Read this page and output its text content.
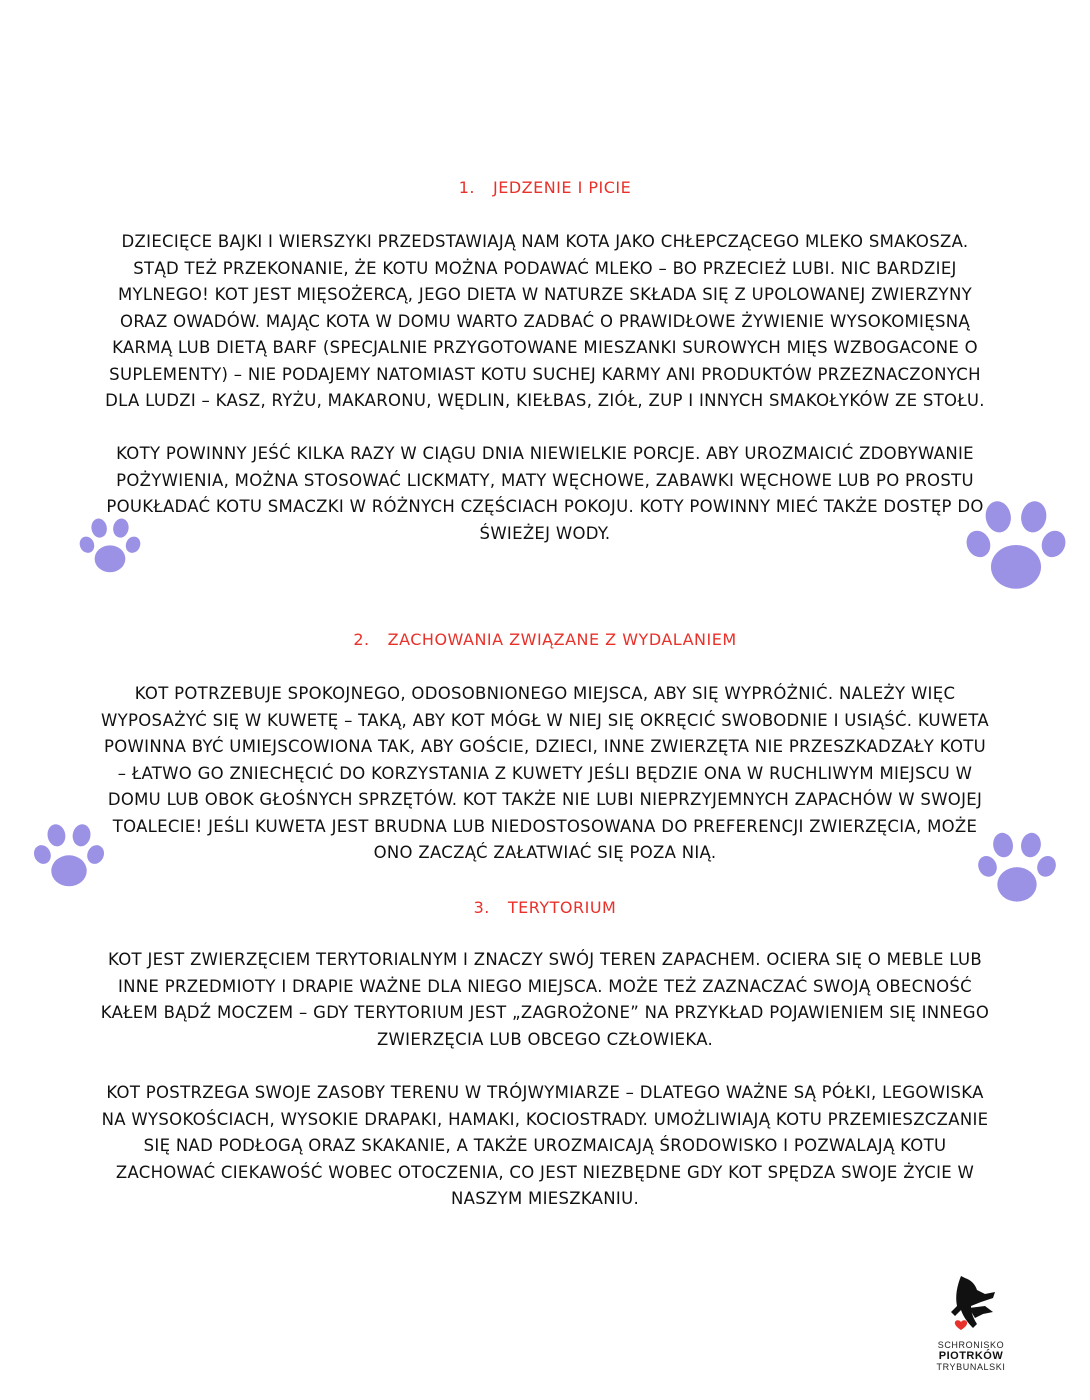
1. JEDZENIE I PICIE

DZIECIĘCE BAJKI I WIERSZYKI PRZEDSTAWIAJĄ NAM KOTA JAKO CHŁEPCZĄCEGO MLEKO SMAKOSZA. STĄD TEŻ PRZEKONANIE, ŻE KOTU MOŻNA PODAWAĆ MLEKO – BO PRZECIEŻ LUBI. NIC BARDZIEJ MYLNEGO! KOT JEST MIĘSOŻERCĄ, JEGO DIETA W NATURZE SKŁADA SIĘ Z UPOLOWANEJ ZWIERZYNY ORAZ OWADÓW. MAJĄC KOTA W DOMU WARTO ZADBAĆ O PRAWIDŁOWE ŻYWIENIE WYSOKOMIĘSNĄ KARMĄ LUB DIETĄ BARF (SPECJALNIE PRZYGOTOWANE MIESZANKI SUROWYCH MIĘS WZBOGACONE O SUPLEMENTY) – NIE PODAJEMY NATOMIAST KOTU SUCHEJ KARMY ANI PRODUKTÓW PRZEZNACZONYCH DLA LUDZI – KASZ, RYŻU, MAKARONU, WĘDLIN, KIEŁBAS, ZIÓŁ, ZUP I INNYCH SMAKOŁYKÓW ZE STOŁU.

KOTY POWINNY JEŚĆ KILKA RAZY W CIĄGU DNIA NIEWIELKIE PORCJE. ABY UROZMAICIĆ ZDOBYWANIE POŻYWIENIA, MOŻNA STOSOWAĆ LICKMATY, MATY WĘCHOWE, ZABAWKI WĘCHOWE LUB PO PROSTU POUKŁADAĆ KOTU SMACZKI W RÓŻNYCH CZĘŚCIACH POKOJU. KOTY POWINNY MIEĆ TAKŻE DOSTĘP DO ŚWIEŻEJ WODY.

2. ZACHOWANIA ZWIĄZANE Z WYDALANIEM

KOT POTRZEBUJE SPOKOJNEGO, ODOSOBNIONEGO MIEJSCA, ABY SIĘ WYPRÓŻNIĆ. NALEŻY WIĘC WYPOSAŻYĆ SIĘ W KUWETĘ – TAKĄ, ABY KOT MÓGŁ W NIEJ SIĘ OKRĘCIĆ SWOBODNIE I USIĄŚĆ. KUWETA POWINNA BYĆ UMIEJSCOWIONA TAK, ABY GOŚCIE, DZIECI, INNE ZWIERZĘTA NIE PRZESZKADZAŁY KOTU – ŁATWO GO ZNIECHĘCIĆ DO KORZYSTANIA Z KUWETY JEŚLI BĘDZIE ONA W RUCHLIWYM MIEJSCU W DOMU LUB OBOK GŁOŚNYCH SPRZĘTÓW. KOT TAKŻE NIE LUBI NIEPRZYJEMNYCH ZAPACHÓW W SWOJEJ TOALECIE! JEŚLI KUWETA JEST BRUDNA LUB NIEDOSTOSOWANA DO PREFERENCJI ZWIERZĘCIA, MOŻE ONO ZACZĄĆ ZAŁATWIAĆ SIĘ POZA NIĄ.

3. TERYTORIUM

KOT JEST ZWIERZĘCIEM TERYTORIALNYM I ZNACZY SWÓJ TEREN ZAPACHEM. OCIERA SIĘ O MEBLE LUB INNE PRZEDMIOTY I DRAPIE WAŻNE DLA NIEGO MIEJSCA. MOŻE TEŻ ZAZNACZAĆ SWOJĄ OBECNOŚĆ KAŁEM BĄDŹ MOCZEM – GDY TERYTORIUM JEST „ZAGROŻONE” NA PRZYKŁAD POJAWIENIEM SIĘ INNEGO ZWIERZĘCIA LUB OBCEGO CZŁOWIEKA.

KOT POSTRZEGA SWOJE ZASOBY TERENU W TRÓJWYMIARZE – DLATEGO WAŻNE SĄ PÓŁKI, LEGOWISKA NA WYSOKOŚCIACH, WYSOKIE DRAPAKI, HAMAKI, KOCIOSTRADY. UMOŻLIWIAJĄ KOTU PRZEMIESZCZANIE SIĘ NAD PODŁOGĄ ORAZ SKAKANIE, A TAKŻE UROZMAICAJĄ ŚRODOWISKO I POZWALAJĄ KOTU ZACHOWAĆ CIEKAWOŚĆ WOBEC OTOCZENIA, CO JEST NIEZBĘDNE GDY KOT SPĘDZA SWOJE ŻYCIE W NASZYM MIESZKANIU.

SCHRONISKO
PIOTRKÓW
TRYBUNALSKI
